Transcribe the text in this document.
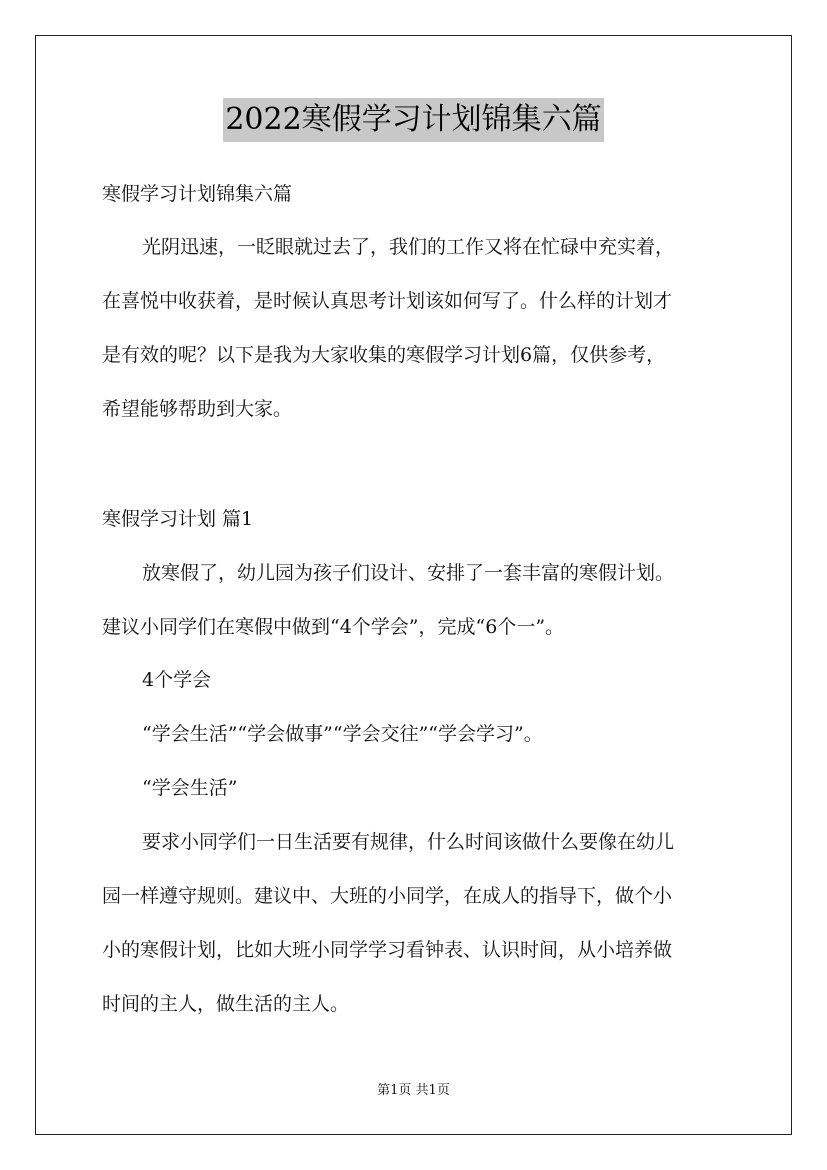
2022寒假学习计划锦集六篇
寒假学习计划锦集六篇
光阴迅速，一眨眼就过去了，我们的工作又将在忙碌中充实着，
在喜悦中收获着，是时候认真思考计划该如何写了。什么样的计划才
是有效的呢？以下是我为大家收集的寒假学习计划6篇，仅供参考，
希望能够帮助到大家。
寒假学习计划 篇1
放寒假了，幼儿园为孩子们设计、安排了一套丰富的寒假计划。
建议小同学们在寒假中做到“4个学会”，完成“6个一”。
4个学会
“学会生活”“学会做事”“学会交往”“学会学习”。
“学会生活”
要求小同学们一日生活要有规律，什么时间该做什么要像在幼儿
园一样遵守规则。建议中、大班的小同学，在成人的指导下，做个小
小的寒假计划，比如大班小同学学习看钟表、认识时间，从小培养做
时间的主人，做生活的主人。
第1页 共1页
